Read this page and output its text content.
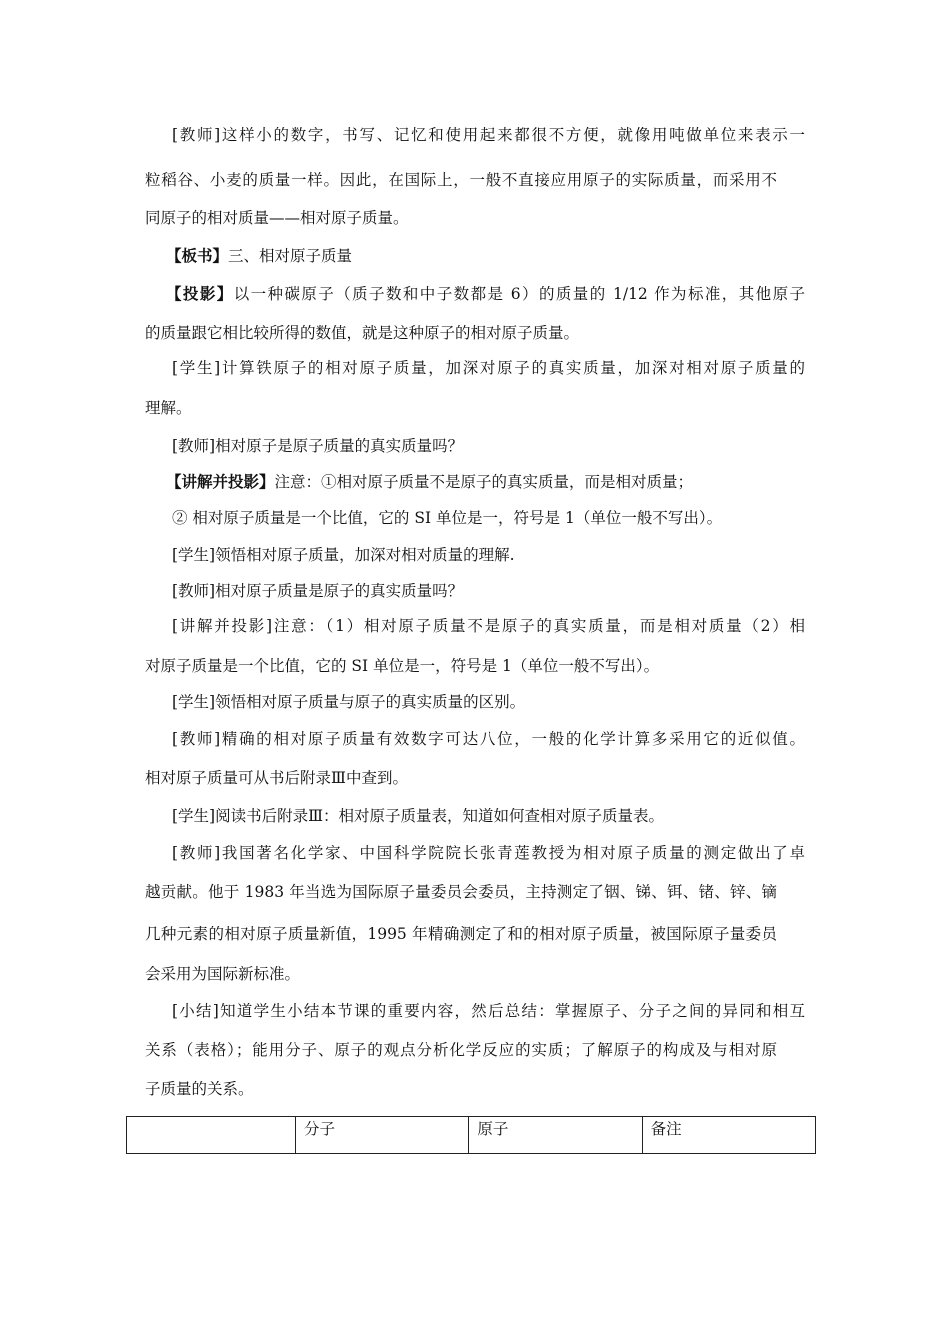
[教师]这样小的数字，书写、记忆和使用起来都很不方便，就像用吨做单位来表示一
粒稻谷、小麦的质量一样。因此，在国际上，一般不直接应用原子的实际质量，而采用不
同原子的相对质量——相对原子质量。
【板书】三、相对原子质量
【投影】以一种碳原子（质子数和中子数都是 6）的质量的 1/12 作为标准，其他原子
的质量跟它相比较所得的数值，就是这种原子的相对原子质量。
[学生]计算铁原子的相对原子质量，加深对原子的真实质量，加深对相对原子质量的
理解。
[教师]相对原子是原子质量的真实质量吗？
【讲解并投影】注意：①相对原子质量不是原子的真实质量，而是相对质量；
② 相对原子质量是一个比值，它的 SI 单位是一，符号是 1（单位一般不写出）。
[学生]领悟相对原子质量，加深对相对质量的理解.
[教师]相对原子质量是原子的真实质量吗？
[讲解并投影]注意：（1）相对原子质量不是原子的真实质量，而是相对质量（2）相
对原子质量是一个比值，它的 SI 单位是一，符号是 1（单位一般不写出）。
[学生]领悟相对原子质量与原子的真实质量的区别。
[教师]精确的相对原子质量有效数字可达八位，一般的化学计算多采用它的近似值。
相对原子质量可从书后附录Ⅲ中查到。
[学生]阅读书后附录Ⅲ：相对原子质量表，知道如何查相对原子质量表。
[教师]我国著名化学家、中国科学院院长张青莲教授为相对原子质量的测定做出了卓
越贡献。他于 1983 年当选为国际原子量委员会委员，主持测定了铟、锑、铒、锗、锌、镝
几种元素的相对原子质量新值，1995 年精确测定了和的相对原子质量，被国际原子量委员
会采用为国际新标准。
[小结]知道学生小结本节课的重要内容，然后总结：掌握原子、分子之间的异同和相互
关系（表格）；能用分子、原子的观点分析化学反应的实质；了解原子的构成及与相对原
子质量的关系。
	分子	原子	备注
